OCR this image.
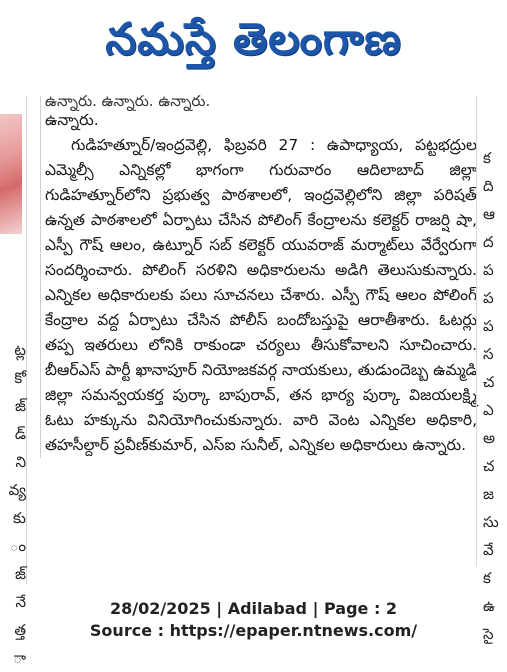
నమస్తే తెలంగాణ
ట్ల
కో
జ్
డ్
ని
వ్య
కు
ం
జ్
నే
త్త
ా
ఉన్నారు. ఉన్నారు. ఉన్నారు.

ఉన్నారు.

గుడిహత్నూర్/ఇంద్రవెల్లి, ఫిబ్రవరి 27 : ఉపాధ్యాయ, పట్టభద్రుల ఎమ్మెల్సీ ఎన్నికల్లో భాగంగా గురువారం ఆదిలాబాద్ జిల్లా గుడిహత్నూర్‌లోని ప్రభుత్వ పాఠశాలలో, ఇంద్రవెల్లిలోని జిల్లా పరిషత్ ఉన్నత పాఠశాలలో ఏర్పాటు చేసిన పోలింగ్ కేంద్రాలను కలెక్టర్ రాజర్షి షా, ఎస్పీ గౌష్ ఆలం, ఉట్నూర్ సబ్ కలెక్టర్ యువరాజ్ మర్మాట్‌లు వేర్వేరుగా సందర్శించారు. పోలింగ్ సరళిని అధికారులను అడిగి తెలుసుకున్నారు. ఎన్నికల అధికారులకు పలు సూచనలు చేశారు. ఎస్పీ గౌష్ ఆలం పోలింగ్ కేంద్రాల వద్ద ఏర్పాటు చేసిన పోలీస్ బందోబస్తుపై ఆరాతీశారు. ఓటర్లు తప్ప ఇతరులు లోనికి రాకుండా చర్యలు తీసుకోవాలని సూచించారు. బీఆర్‌ఎస్ పార్టీ ఖానాపూర్ నియోజకవర్గ నాయకులు, తుడుందెబ్బ ఉమ్మడి జిల్లా సమన్వయకర్త పుర్కా బాపురావ్, తన భార్య పుర్కా విజయలక్ష్మి ఓటు హక్కును వినియోగించుకున్నారు. వారి వెంట ఎన్నికల అధికారి, తహసీల్దార్ ప్రవీణ్‌కుమార్, ఎస్ఐ సునీల్, ఎన్నికల అధికారులు ఉన్నారు.

క
ది
ఆ
ద
ప
ప
ప
స
చ
ఎ
అ
చ
జ
సు
వే
క
ఉ
సై
28/02/2025 | Adilabad | Page : 2
Source : https://epaper.ntnews.com/
